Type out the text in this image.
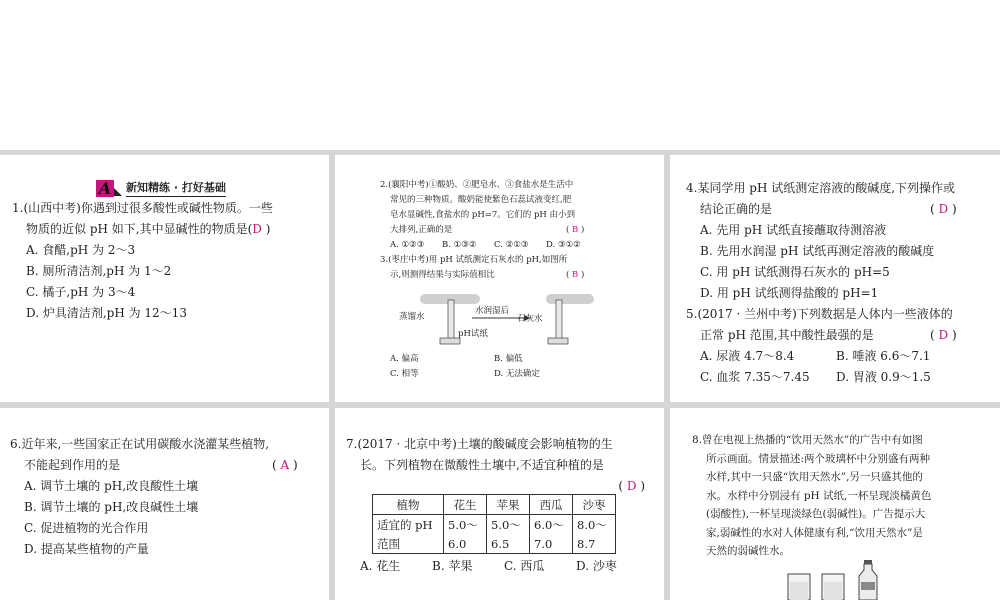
A 新知精练 · 打好基础
1.(山西中考)你遇到过很多酸性或碱性物质。一些
物质的近似 pH 如下,其中显碱性的物质是(D )
A. 食醋,pH 为 2～3
B. 厕所清洁剂,pH 为 1～2
C. 橘子,pH 为 3～4
D. 炉具清洁剂,pH 为 12～13
2.(襄阳中考)①酸奶、②肥皂水、③食盐水是生活中
常见的三种物质。酸奶能使紫色石蕊试液变红,肥
皂水显碱性,食盐水的 pH=7。它们的 pH 由小到
大排列,正确的是	( B )
A. ①②③ B. ①③② C. ②①③ D. ③①②
3.(枣庄中考)用 pH 试纸测定石灰水的 pH,如图所
示,则测得结果与实际值相比	( B )
蒸馏水
水润湿后
石灰水
pH试纸
A. 偏高	B. 偏低
C. 相等	D. 无法确定
4.某同学用 pH 试纸测定溶液的酸碱度,下列操作或
结论正确的是	( D )
A. 先用 pH 试纸直接蘸取待测溶液
B. 先用水润湿 pH 试纸再测定溶液的酸碱度
C. 用 pH 试纸测得石灰水的 pH=5
D. 用 pH 试纸测得盐酸的 pH=1
5.(2017 · 兰州中考)下列数据是人体内一些液体的
正常 pH 范围,其中酸性最强的是	( D )
A. 尿液 4.7～8.4	B. 唾液 6.6～7.1
C. 血浆 7.35～7.45 D. 胃液 0.9～1.5
6.近年来,一些国家正在试用碳酸水浇灌某些植物,
不能起到作用的是	( A )
A. 调节土壤的 pH,改良酸性土壤
B. 调节土壤的 pH,改良碱性土壤
C. 促进植物的光合作用
D. 提高某些植物的产量
7.(2017 · 北京中考)土壤的酸碱度会影响植物的生
长。下列植物在微酸性土壤中,不适宜种植的是
( D )
植物	花生	苹果	西瓜	沙枣
适宜的 pH	5.0～	5.0～	6.0～	8.0～
范围	6.0	6.5	7.0	8.7
A. 花生	B. 苹果	C. 西瓜	D. 沙枣
8.曾在电视上热播的“饮用天然水”的广告中有如图
所示画面。情景描述:两个玻璃杯中分别盛有两种
水样,其中一只盛“饮用天然水”,另一只盛其他的
水。水样中分别浸有 pH 试纸,一杯呈现淡橘黄色
(弱酸性),一杯呈现淡绿色(弱碱性)。广告提示大
家,弱碱性的水对人体健康有利,“饮用天然水”是
天然的弱碱性水。
